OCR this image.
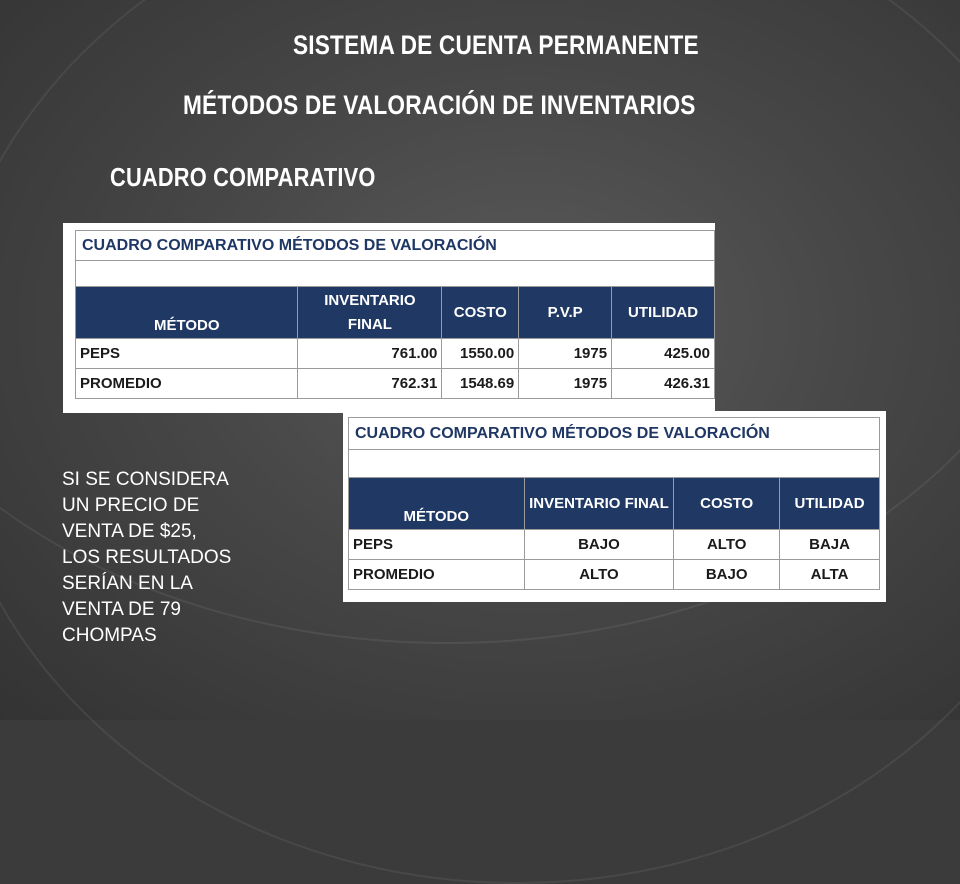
SISTEMA DE CUENTA PERMANENTE
MÉTODOS DE VALORACIÓN DE INVENTARIOS
CUADRO COMPARATIVO
CUADRO COMPARATIVO MÉTODOS DE VALORACIÓN				

MÉTODO	INVENTARIO FINAL	COSTO	P.V.P	UTILIDAD
PEPS	761.00	1550.00	1975	425.00
PROMEDIO	762.31	1548.69	1975	426.31
CUADRO COMPARATIVO MÉTODOS DE VALORACIÓN			

MÉTODO	INVENTARIO FINAL	COSTO	UTILIDAD
PEPS	BAJO	ALTO	BAJA
PROMEDIO	ALTO	BAJO	ALTA
SI SE CONSIDERA
UN PRECIO DE
VENTA DE $25,
LOS RESULTADOS
SERÍAN EN LA
VENTA DE 79
CHOMPAS
